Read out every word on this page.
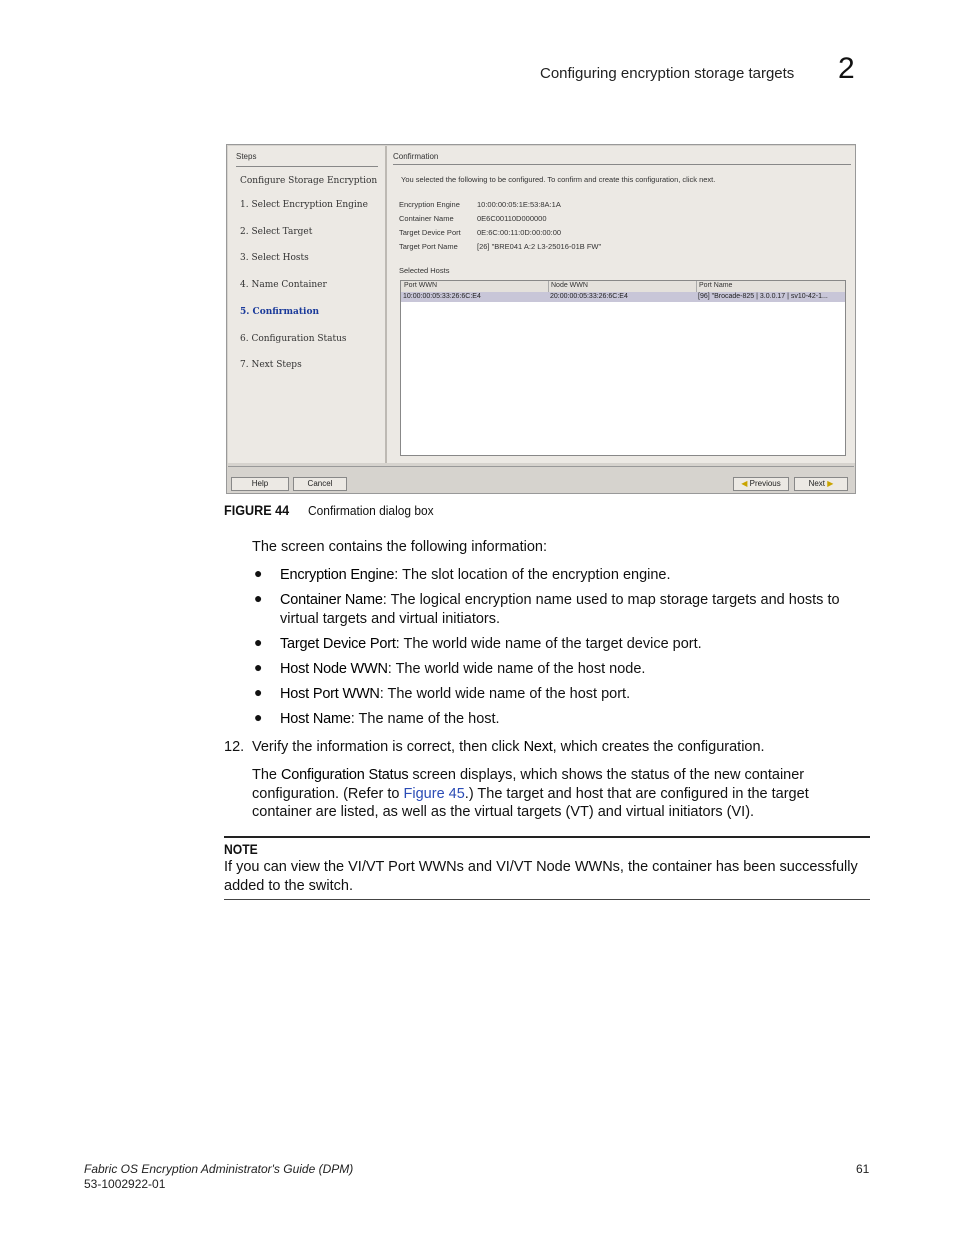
Configuring encryption storage targets 2
Steps
Configure Storage Encryption
1. Select Encryption Engine
2. Select Target
3. Select Hosts
4. Name Container
5. Confirmation
6. Configuration Status
7. Next Steps
Confirmation
You selected the following to be configured. To confirm and create this configuration, click next.
Encryption Engine 10:00:00:05:1E:53:8A:1A
Container Name	0E6C00110D000000
Target Device Port 0E:6C:00:11:0D:00:00:00
Target Port Name	[26] "BRE041 A:2 L3-25016-01B FW"
Selected Hosts
Port WWN	Node WWN	Port Name
10:00:00:05:33:26:6C:E4	20:00:00:05:33:26:6C:E4	[96] "Brocade-825 | 3.0.0.17 | sv10-42-1...
Help	Cancel	◀ Previous	Next ▶
FIGURE 44 Confirmation dialog box
The screen contains the following information:
● Encryption Engine: The slot location of the encryption engine.
● Container Name: The logical encryption name used to map storage targets and hosts to virtual targets and virtual initiators.
● Target Device Port: The world wide name of the target device port.
● Host Node WWN: The world wide name of the host node.
● Host Port WWN: The world wide name of the host port.
● Host Name: The name of the host.
12. Verify the information is correct, then click Next, which creates the configuration.
The Configuration Status screen displays, which shows the status of the new container configuration. (Refer to Figure 45.) The target and host that are configured in the target container are listed, as well as the virtual targets (VT) and virtual initiators (VI).
NOTE
If you can view the VI/VT Port WWNs and VI/VT Node WWNs, the container has been successfully added to the switch.
Fabric OS Encryption Administrator's Guide (DPM)
53-1002922-01
61
